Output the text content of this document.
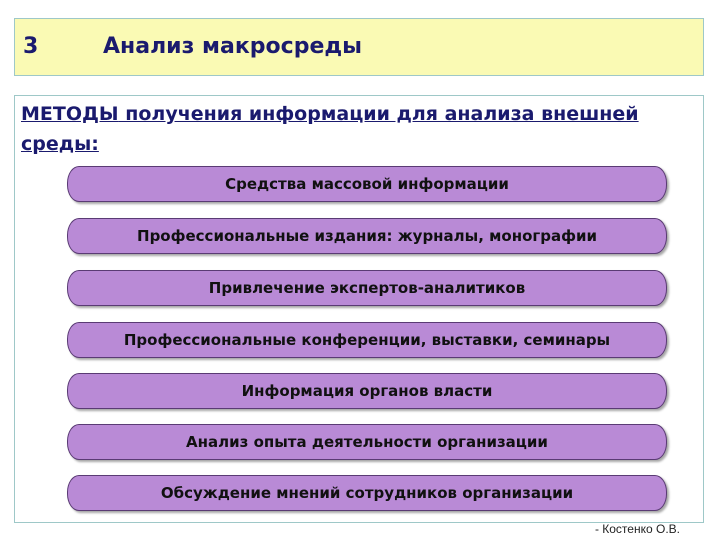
3	Анализ макросреды
МЕТОДЫ получения информации для анализа внешней среды:
Средства массовой информации
Профессиональные издания: журналы, монографии
Привлечение экспертов-аналитиков
Профессиональные конференции, выставки, семинары
Информация органов власти
Анализ опыта деятельности организации
Обсуждение мнений сотрудников организации
- Костенко О.В.
